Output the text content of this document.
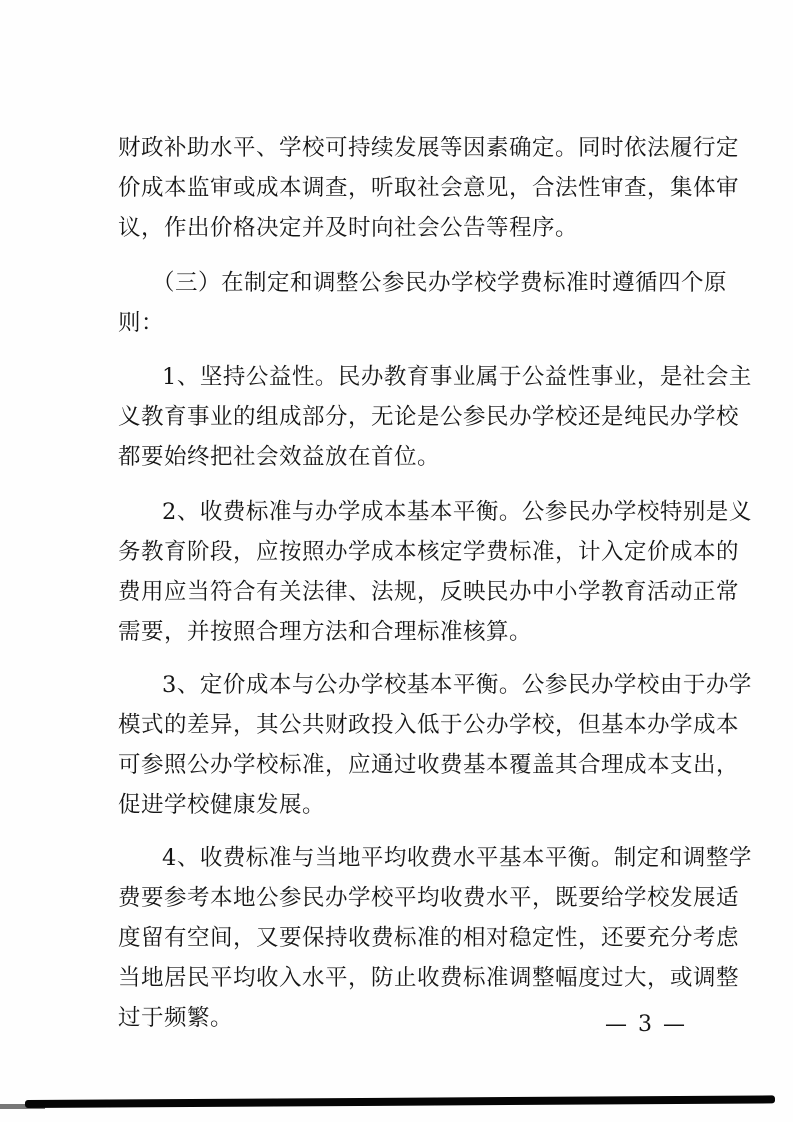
财政补助水平、学校可持续发展等因素确定。同时依法履行定
价成本监审或成本调查，听取社会意见，合法性审查，集体审
议，作出价格决定并及时向社会公告等程序。
（三）在制定和调整公参民办学校学费标准时遵循四个原
则：
1、坚持公益性。民办教育事业属于公益性事业，是社会主
义教育事业的组成部分，无论是公参民办学校还是纯民办学校
都要始终把社会效益放在首位。
2、收费标准与办学成本基本平衡。公参民办学校特别是义
务教育阶段，应按照办学成本核定学费标准，计入定价成本的
费用应当符合有关法律、法规，反映民办中小学教育活动正常
需要，并按照合理方法和合理标准核算。
3、定价成本与公办学校基本平衡。公参民办学校由于办学
模式的差异，其公共财政投入低于公办学校，但基本办学成本
可参照公办学校标准，应通过收费基本覆盖其合理成本支出，
促进学校健康发展。
4、收费标准与当地平均收费水平基本平衡。制定和调整学
费要参考本地公参民办学校平均收费水平，既要给学校发展适
度留有空间，又要保持收费标准的相对稳定性，还要充分考虑
当地居民平均收入水平，防止收费标准调整幅度过大，或调整
过于频繁。	— 3 —
